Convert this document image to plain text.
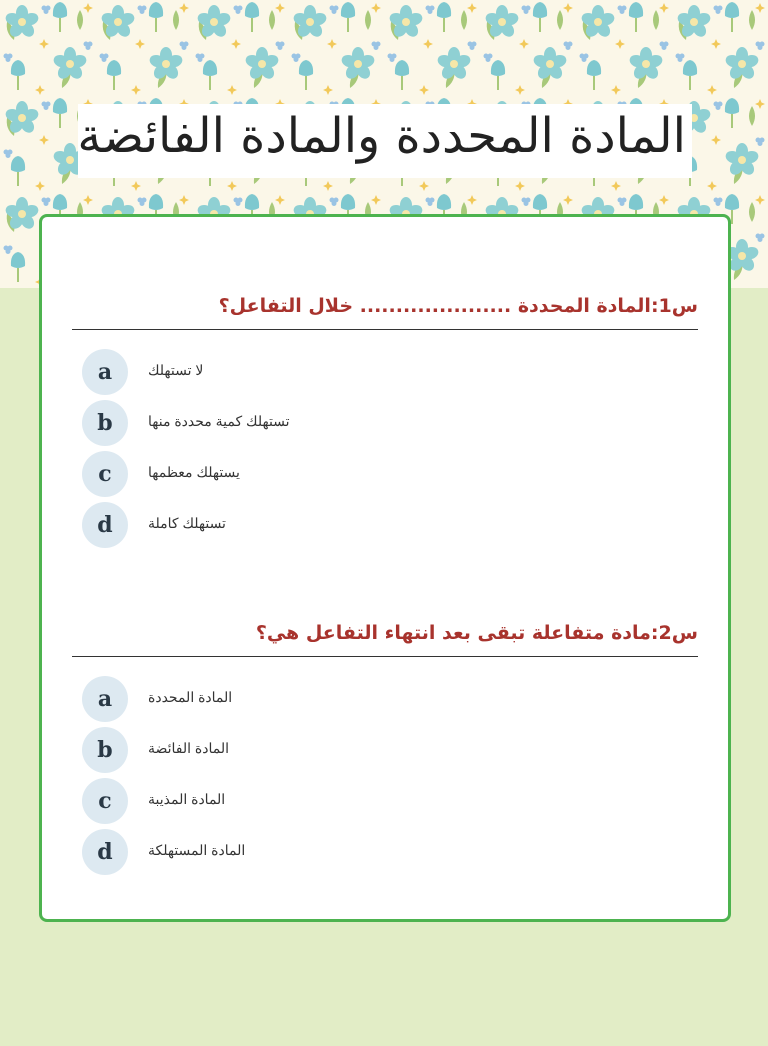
المادة المحددة والمادة الفائضة
س1:المادة المحددة ..................... خلال التفاعل؟
a	لا تستهلك
b	تستهلك كمية محددة منها
c	يستهلك معظمها
d	تستهلك كاملة
س2:مادة متفاعلة تبقى بعد انتهاء التفاعل هي؟
a	المادة المحددة
b	المادة الفائضة
c	المادة المذيبة
d	المادة المستهلكة
